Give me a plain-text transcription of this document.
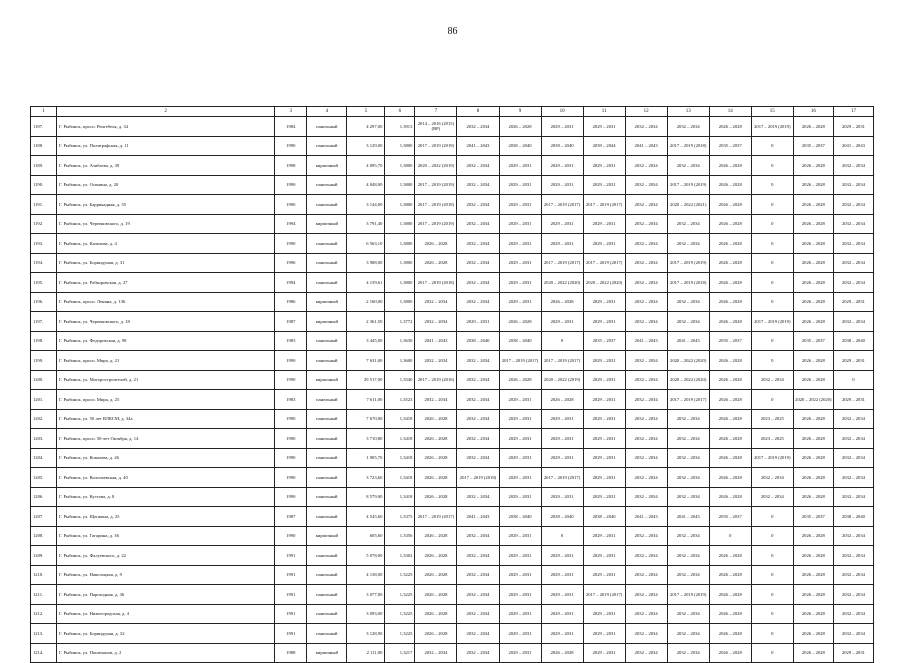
86
1	2	3	4	5	6	7	8	9	10	11	12	13	14	15	16	17
1187.	Г. Рыбинск, просп. Ренгебеля, д. 34	1984	панельный	4 297,00	1,3913	2014 – 2016 (2015) (ВР)	2032 – 2034	2026 – 2028	2029 – 2031	2029 – 2031	2032 – 2034	2032 – 2034	2026 – 2028	2017 – 2019 (2019)	2026 – 2028	2029 – 2031
1188.	Г. Рыбинск, ул. Полиграфская, д. 11	1990	панельный	3 129,00	1,3800	2017 – 2019 (2019)	2041 – 2043	2038 – 2040	2038 – 2040	2039 – 2044	2041 – 2043	2017 – 2019 (2018)	2035 – 2037	0	2035 – 2037	2041 – 2043
1189.	Г. Рыбинск, ул. Азибаева, д. 39	1998	кирпичный	4 095,70	1,3800	2020 – 2022 (2019)	2032 – 2034	2029 – 2031	2029 – 2031	2029 – 2031	2032 – 2034	2032 – 2034	2026 – 2028	0	2026 – 2028	2032 – 2034
1190.	Г. Рыбинск, ул. Осинина, д. 20	1990	панельный	4 048,00	1,3800	2017 – 2019 (2019)	2032 – 2034	2029 – 2031	2029 – 2031	2029 – 2031	2032 – 2034	2017 – 2019 (2019)	2026 – 2028	0	2026 – 2028	2032 – 2034
1191.	Г. Рыбинск, ул. Баррикадная, д. 35	1990	панельный	3 144,00	1,3800	2017 – 2019 (2018)	2032 – 2034	2029 – 2031	2017 – 2019 (2017)	2017 – 2019 (2017)	2032 – 2034	2020 – 2022 (2021)	2026 – 2028	0	2026 – 2028	2032 – 2034
1192.	Г. Рыбинск, ул. Черепковского, д. 19	1994	кирпичный	3 791,40	1,3800	2017 – 2019 (2019)	2032 – 2034	2029 – 2031	2029 – 2031	2029 – 2031	2032 – 2034	2032 – 2034	2026 – 2028	0	2026 – 2028	2032 – 2034
1193.	Г. Рыбинск, ул. Качалова, д. 4	1990	панельный	6 563,10	1,3800	2026 – 2028	2032 – 2034	2029 – 2031	2029 – 2031	2029 – 2031	2032 – 2034	2032 – 2034	2026 – 2028	0	2026 – 2028	2032 – 2034
1194.	Г. Рыбинск, ул. Бориндуная, д. 31	1996	панельный	3 988,00	1,3800	2026 – 2028	2032 – 2034	2029 – 2031	2017 – 2019 (2017)	2017 – 2019 (2017)	2032 – 2034	2017 – 2019 (2019)	2026 – 2028	0	2026 – 2028	2032 – 2034
1195.	Г. Рыбинск, ул. Рабкоровская, д. 27	1994	панельный	4 159,61	1,3800	2017 – 2019 (2018)	2032 – 2034	2029 – 2031	2020 – 2022 (2020)	2020 – 2022 (2020)	2032 – 2034	2017 – 2019 (2018)	2026 – 2028	0	2026 – 2028	2032 – 2034
1196.	Г. Рыбинск, просп. Ленина, д. 136	1986	кирпичный	2 160,00	1,3800	2032 – 2034	2032 – 2034	2029 – 2031	2026 – 2028	2029 – 2031	2032 – 2034	2032 – 2034	2026 – 2028	0	2026 – 2028	2029 – 2031
1197.	Г. Рыбинск, ул. Черепковского, д. 18	1987	кирпичный	2 361,50	1,3772	2032 – 2034	2029 – 2031	2026 – 2028	2029 – 2031	2029 – 2031	2032 – 2034	2032 – 2034	2026 – 2028	2017 – 2019 (2019)	2026 – 2028	2032 – 2034
1198.	Г. Рыбинск, ул. Федоровская, д. 98	1983	панельный	3 445,00	1,3630	2041 – 2043	2038 – 2040	2038 – 2040	0	2035 – 2037	2041 – 2043	2041 – 2043	2035 – 2037	0	2035 – 2037	2038 – 2040
1199.	Г. Рыбинск, просп. Мира, д. 21	1990	панельный	7 631,00	1,3600	2032 – 2034	2032 – 2034	2017 – 2019 (2017)	2017 – 2019 (2017)	2029 – 2031	2032 – 2034	2020 – 2022 (2020)	2026 – 2028	0	2026 – 2028	2029 – 2031
1200.	Г. Рыбинск, ул. Моторостроителей, д. 21	1990	кирпичный	29 517,00	1,3540	2017 – 2019 (2016)	2032 – 2034	2026 – 2028	2020 – 2022 (2019)	2029 – 2031	2032 – 2034	2020 – 2022 (2020)	2026 – 2028	2032 – 2034	2026 – 2028	0
1201.	Г. Рыбинск, просп. Мира, д. 25	1983	панельный	7 611,00	1,3523	2032 – 2034	2032 – 2034	2029 – 2031	2026 – 2028	2029 – 2031	2032 – 2034	2017 – 2019 (2017)	2026 – 2028	0	2020 – 2022 (2020)	2029 – 2031
1202.	Г. Рыбинск, ул. 50 лет ВЛКСМ, д. 34а	1990	панельный	7 670,00	1,3418	2026 – 2028	2032 – 2034	2029 – 2031	2029 – 2031	2029 – 2031	2032 – 2034	2032 – 2034	2026 – 2028	2023 – 2025	2026 – 2028	2032 – 2034
1203.	Г. Рыбинск, просп. 50-лет Октября, д. 14	1990	панельный	3 710,80	1,3418	2026 – 2028	2032 – 2034	2029 – 2031	2029 – 2031	2029 – 2031	2032 – 2034	2032 – 2034	2026 – 2028	2023 – 2025	2026 – 2028	2032 – 2034
1204.	Г. Рыбинск, ул. Ковалева, д. 26	1990	панельный	1 905,70	1,3418	2026 – 2028	2032 – 2034	2029 – 2031	2029 – 2031	2029 – 2031	2032 – 2034	2032 – 2034	2026 – 2028	2017 – 2019 (2019)	2026 – 2028	2032 – 2034
1205.	Г. Рыбинск, ул. Волочаевская, д. 40	1990	панельный	3 723,60	1,3418	2026 – 2028	2017 – 2019 (2018)	2029 – 2031	2017 – 2019 (2017)	2029 – 2031	2032 – 2034	2032 – 2034	2026 – 2028	2032 – 2034	2026 – 2028	2032 – 2034
1206.	Г. Рыбинск, ул. Кустова, д. 8	1990	панельный	8 579,00	1,3418	2026 – 2028	2032 – 2034	2029 – 2031	2029 – 2031	2029 – 2031	2032 – 2034	2032 – 2034	2026 – 2028	2032 – 2034	2026 – 2028	2032 – 2034
1207.	Г. Рыбинск, ул. Щепкина, д. 25	1987	панельный	4 545,60	1,3375	2017 – 2019 (2017)	2041 – 2043	2038 – 2040	2038 – 2040	2038 – 2040	2041 – 2043	2041 – 2043	2035 – 2037	0	2035 – 2037	2038 – 2040
1208.	Г. Рыбинск, ул. Гагарина, д. 36	1990	кирпичный	605,60	1,3356	2026 – 2028	2032 – 2034	2029 – 2031	0	2029 – 2031	2032 – 2034	2032 – 2034	0	0	2026 – 2028	2032 – 2034
1209.	Г. Рыбинск, ул. Фалуевского, д. 22	1991	панельный	5 078,00	1,3302	2026 – 2028	2032 – 2034	2029 – 2031	2029 – 2031	2029 – 2031	2032 – 2034	2032 – 2034	2026 – 2028	0	2026 – 2028	2032 – 2034
1210.	Г. Рыбинск, ул. Наволоцкая, д. 9	1991	панельный	4 138,00	1,3225	2026 – 2028	2032 – 2034	2029 – 2031	2029 – 2031	2029 – 2031	2032 – 2034	2032 – 2034	2026 – 2028	0	2026 – 2028	2032 – 2034
1211.	Г. Рыбинск, ул. Пароходная, д. 36	1991	панельный	3 077,00	1,3225	2026 – 2028	2032 – 2034	2029 – 2031	2029 – 2031	2017 – 2019 (2017)	2032 – 2034	2017 – 2019 (2019)	2026 – 2028	0	2026 – 2028	2032 – 2034
1212.	Г. Рыбинск, ул. Нижегородская, д. 4	1991	панельный	3 093,00	1,3225	2026 – 2028	2032 – 2034	2029 – 2031	2029 – 2031	2029 – 2031	2032 – 2034	2032 – 2034	2026 – 2028	0	2026 – 2028	2032 – 2034
1213.	Г. Рыбинск, ул. Бориндуная, д. 32	1991	панельный	3 128,90	1,3225	2026 – 2028	2032 – 2034	2029 – 2031	2029 – 2031	2029 – 2031	2032 – 2034	2032 – 2034	2026 – 2028	0	2026 – 2028	2032 – 2034
1214.	Г. Рыбинск, ул. Пошехонов, д. 2	1988	кирпичный	2 111,00	1,3217	2032 – 2034	2032 – 2034	2029 – 2031	2026 – 2028	2029 – 2031	2032 – 2034	2032 – 2034	2026 – 2028	0	2026 – 2028	2029 – 2031
